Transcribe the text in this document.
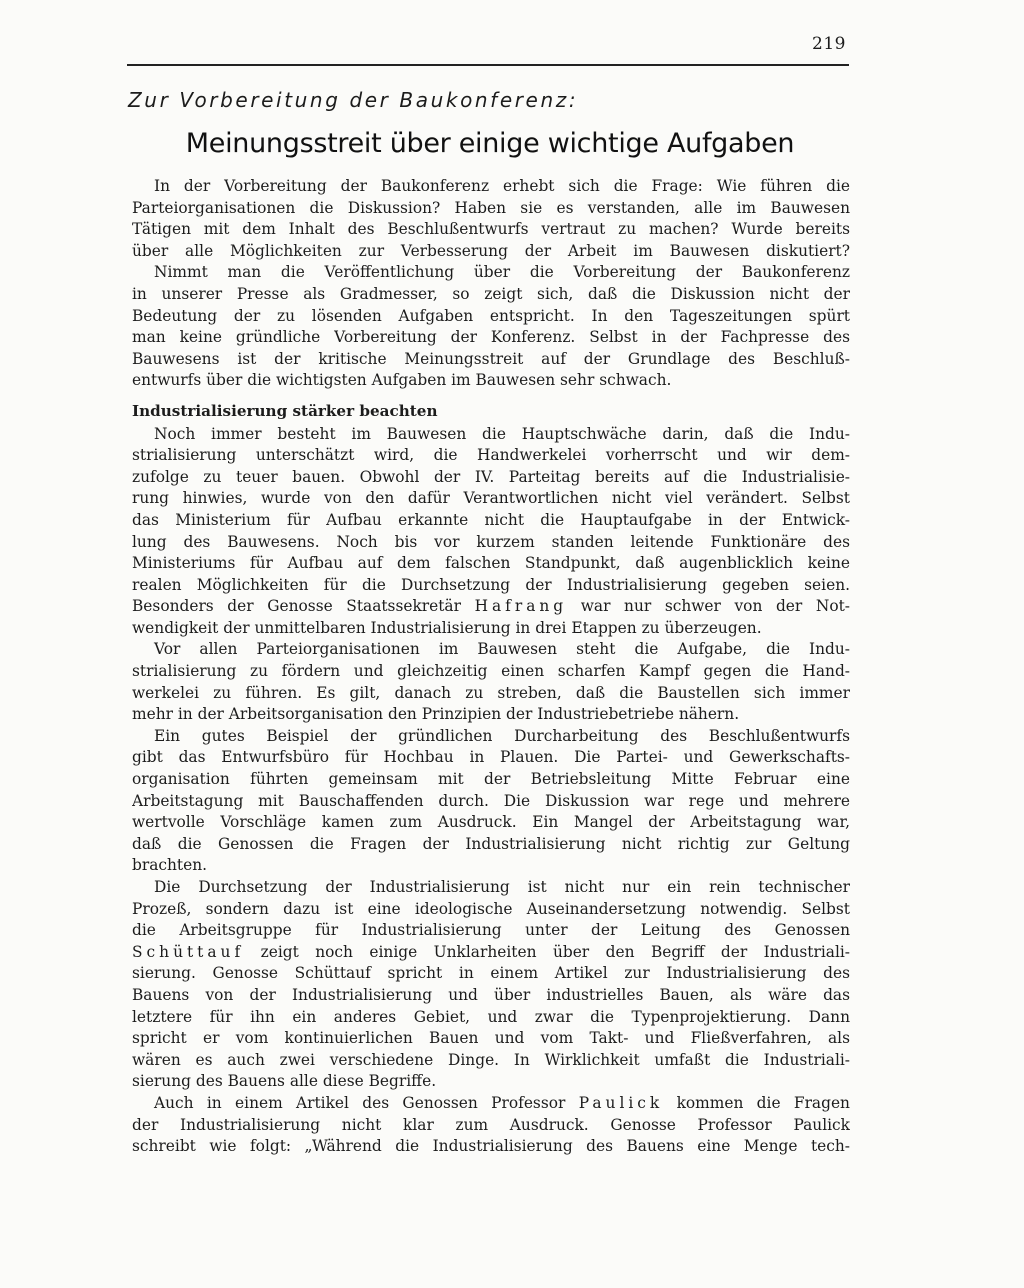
219
Zur Vorbereitung der Baukonferenz:
Meinungsstreit über einige wichtige Aufgaben
In der Vorbereitung der Baukonferenz erhebt sich die Frage: Wie führen die
Parteiorganisationen die Diskussion? Haben sie es verstanden, alle im Bauwesen
Tätigen mit dem Inhalt des Beschlußentwurfs vertraut zu machen? Wurde bereits
über alle Möglichkeiten zur Verbesserung der Arbeit im Bauwesen diskutiert?
Nimmt man die Veröffentlichung über die Vorbereitung der Baukonferenz
in unserer Presse als Gradmesser, so zeigt sich, daß die Diskussion nicht der
Bedeutung der zu lösenden Aufgaben entspricht. In den Tageszeitungen spürt
man keine gründliche Vorbereitung der Konferenz. Selbst in der Fachpresse des
Bauwesens ist der kritische Meinungsstreit auf der Grundlage des Beschluß-
entwurfs über die wichtigsten Aufgaben im Bauwesen sehr schwach.
Industrialisierung stärker beachten
Noch immer besteht im Bauwesen die Hauptschwäche darin, daß die Indu-
strialisierung unterschätzt wird, die Handwerkelei vorherrscht und wir dem-
zufolge zu teuer bauen. Obwohl der IV. Parteitag bereits auf die Industrialisie-
rung hinwies, wurde von den dafür Verantwortlichen nicht viel verändert. Selbst
das Ministerium für Aufbau erkannte nicht die Hauptaufgabe in der Entwick-
lung des Bauwesens. Noch bis vor kurzem standen leitende Funktionäre des
Ministeriums für Aufbau auf dem falschen Standpunkt, daß augenblicklich keine
realen Möglichkeiten für die Durchsetzung der Industrialisierung gegeben seien.
Besonders der Genosse Staatssekretär Hafrang war nur schwer von der Not-
wendigkeit der unmittelbaren Industrialisierung in drei Etappen zu überzeugen.
Vor allen Parteiorganisationen im Bauwesen steht die Aufgabe, die Indu-
strialisierung zu fördern und gleichzeitig einen scharfen Kampf gegen die Hand-
werkelei zu führen. Es gilt, danach zu streben, daß die Baustellen sich immer
mehr in der Arbeitsorganisation den Prinzipien der Industriebetriebe nähern.
Ein gutes Beispiel der gründlichen Durcharbeitung des Beschlußentwurfs
gibt das Entwurfsbüro für Hochbau in Plauen. Die Partei- und Gewerkschafts-
organisation führten gemeinsam mit der Betriebsleitung Mitte Februar eine
Arbeitstagung mit Bauschaffenden durch. Die Diskussion war rege und mehrere
wertvolle Vorschläge kamen zum Ausdruck. Ein Mangel der Arbeitstagung war,
daß die Genossen die Fragen der Industrialisierung nicht richtig zur Geltung
brachten.
Die Durchsetzung der Industrialisierung ist nicht nur ein rein technischer
Prozeß, sondern dazu ist eine ideologische Auseinandersetzung notwendig. Selbst
die Arbeitsgruppe für Industrialisierung unter der Leitung des Genossen
Schüttauf zeigt noch einige Unklarheiten über den Begriff der Industriali-
sierung. Genosse Schüttauf spricht in einem Artikel zur Industrialisierung des
Bauens von der Industrialisierung und über industrielles Bauen, als wäre das
letztere für ihn ein anderes Gebiet, und zwar die Typenprojektierung. Dann
spricht er vom kontinuierlichen Bauen und vom Takt- und Fließverfahren, als
wären es auch zwei verschiedene Dinge. In Wirklichkeit umfaßt die Industriali-
sierung des Bauens alle diese Begriffe.
Auch in einem Artikel des Genossen Professor Paulick kommen die Fragen
der Industrialisierung nicht klar zum Ausdruck. Genosse Professor Paulick
schreibt wie folgt: „Während die Industrialisierung des Bauens eine Menge tech-
